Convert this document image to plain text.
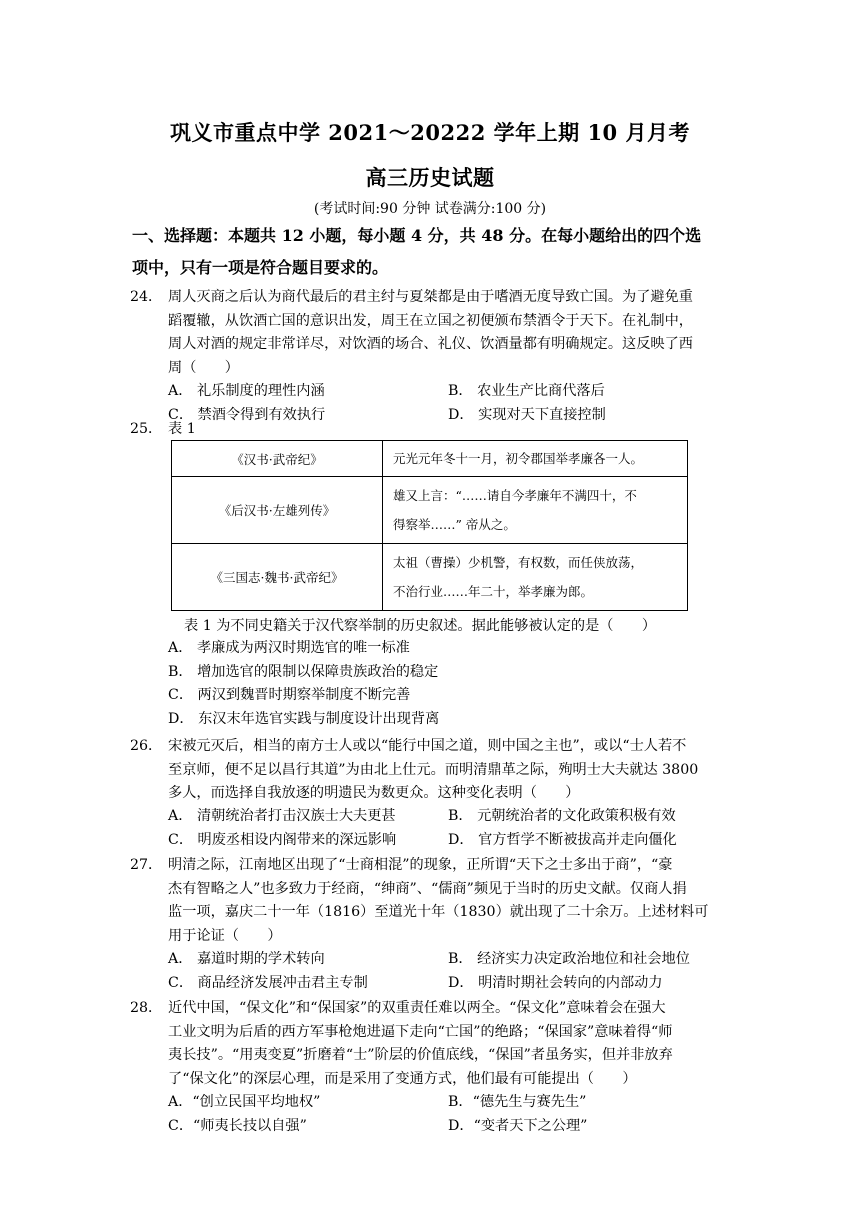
巩义市重点中学 2021～20222 学年上期 10 月月考
高三历史试题
(考试时间:90 分钟 试卷满分:100 分)
一、选择题：本题共 12 小题，每小题 4 分，共 48 分。在每小题给出的四个选
项中，只有一项是符合题目要求的。
24． 周人灭商之后认为商代最后的君主纣与夏桀都是由于嗜酒无度导致亡国。为了避免重
蹈覆辙，从饮酒亡国的意识出发，周王在立国之初便颁布禁酒令于天下。在礼制中，
周人对酒的规定非常详尽，对饮酒的场合、礼仪、饮酒量都有明确规定。这反映了西
周（　　）
A． 礼乐制度的理性内涵	B． 农业生产比商代落后
C． 禁酒令得到有效执行	D． 实现对天下直接控制
25． 表 1
《汉书·武帝纪》	元光元年冬十一月，初令郡国举孝廉各一人。

《后汉书·左雄列传》	雄又上言：“……请自今孝廉年不满四十，不
得察举……” 帝从之。

《三国志·魏书·武帝纪》	太祖（曹操）少机警，有权数，而任侠放荡，
不治行业……年二十，举孝廉为郎。
表 1 为不同史籍关于汉代察举制的历史叙述。据此能够被认定的是（　　）
A． 孝廉成为两汉时期选官的唯一标准
B． 增加选官的限制以保障贵族政治的稳定
C． 两汉到魏晋时期察举制度不断完善
D． 东汉末年选官实践与制度设计出现背离
26． 宋被元灭后，相当的南方士人或以“能行中国之道，则中国之主也”，或以“士人若不
至京师，便不足以昌行其道”为由北上仕元。而明清鼎革之际，殉明士大夫就达 3800
多人，而选择自我放逐的明遗民为数更众。这种变化表明（　　）
A． 清朝统治者打击汉族士大夫更甚	B． 元朝统治者的文化政策积极有效
C． 明废丞相设内阁带来的深远影响	D． 官方哲学不断被拔高并走向僵化
27． 明清之际，江南地区出现了“士商相混”的现象，正所谓“天下之士多出于商”，“豪
杰有智略之人”也多致力于经商，“绅商”、“儒商”频见于当时的历史文献。仅商人捐
监一项，嘉庆二十一年（1816）至道光十年（1830）就出现了二十余万。上述材料可
用于论证（　　）
A． 嘉道时期的学术转向	B． 经济实力决定政治地位和社会地位
C． 商品经济发展冲击君主专制	D． 明清时期社会转向的内部动力
28． 近代中国，“保文化”和“保国家”的双重责任难以两全。“保文化”意味着会在强大
工业文明为后盾的西方军事枪炮进逼下走向“亡国”的绝路；“保国家”意味着得“师
夷长技”。“用夷变夏”折磨着“士”阶层的价值底线，“保国”者虽务实，但并非放弃
了“保文化”的深层心理，而是采用了变通方式，他们最有可能提出（　　）
A．“创立民国平均地权”	B．“德先生与赛先生”
C．“师夷长技以自强”	D．“变者天下之公理”
